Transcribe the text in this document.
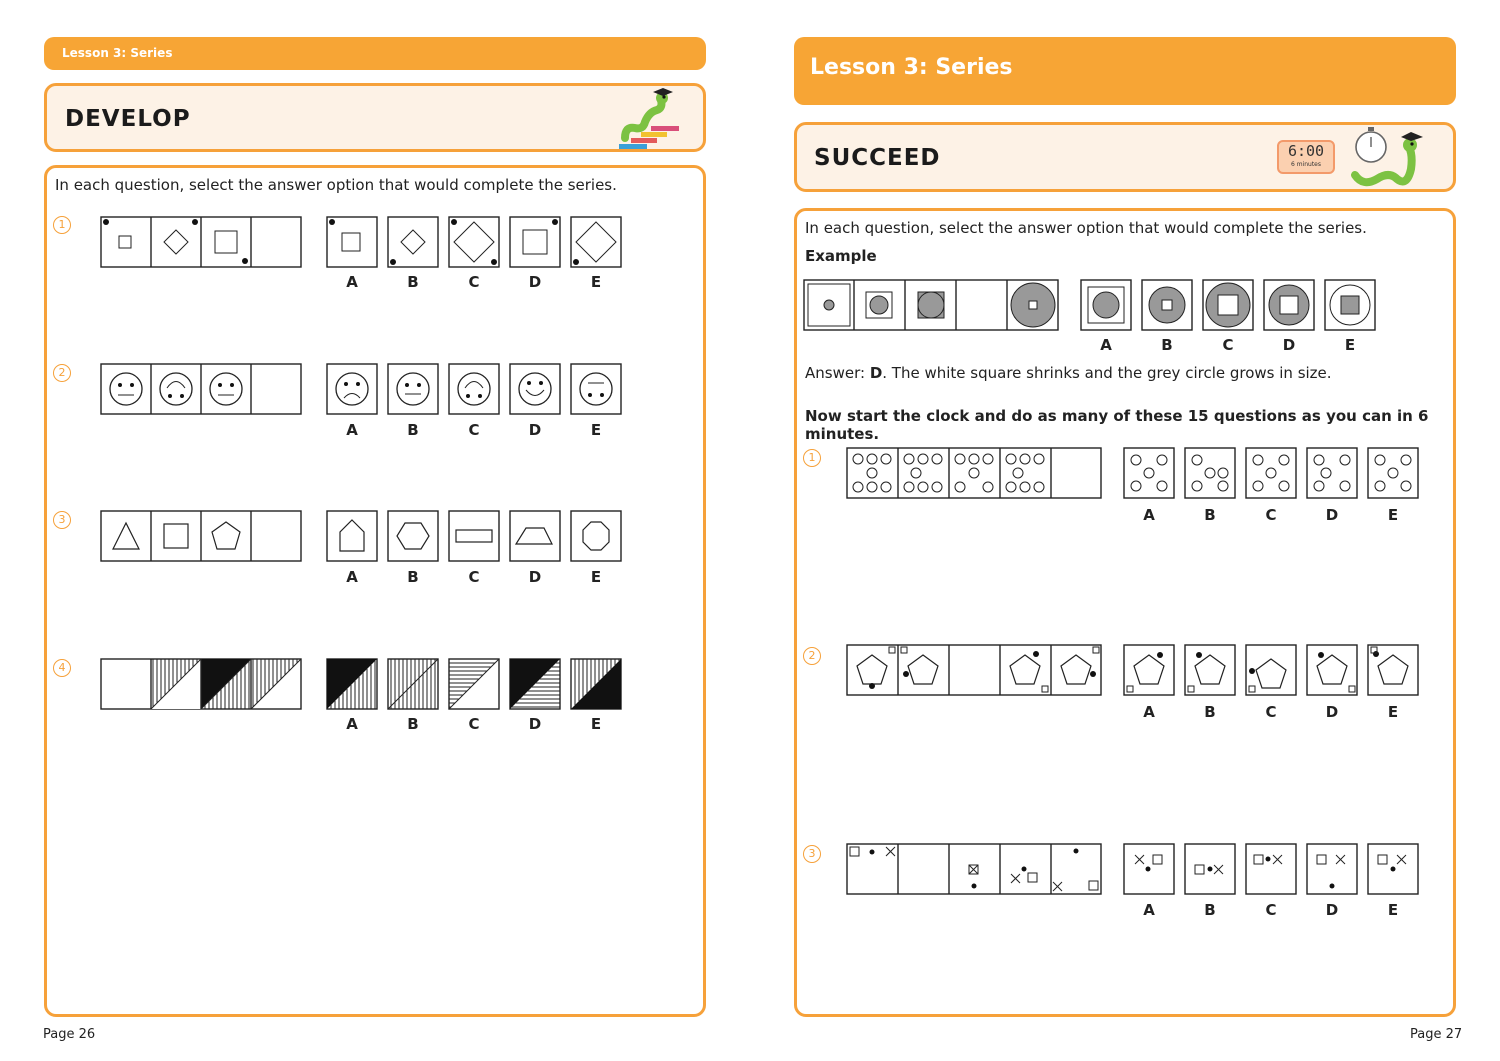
Lesson 3: Series
DEVELOP
In each question, select the answer option that would complete the series.
1
A	B	C	D	E
2
A	B	C	D	E
3
A	B	C	D	E
4
A	B	C	D	E
Page 26
Lesson 3: Series
SUCCEED	6:00
6 minutes
In each question, select the answer option that would complete the series.
Example
Answer: D. The white square shrinks and the grey circle grows in size.
Now start the clock and do as many of these 15 questions as you can in 6 minutes.
A	B	C	D	E
1
A	B	C	D	E
2
A	B	C	D	E
3
A	B	C	D	E
Page 27
